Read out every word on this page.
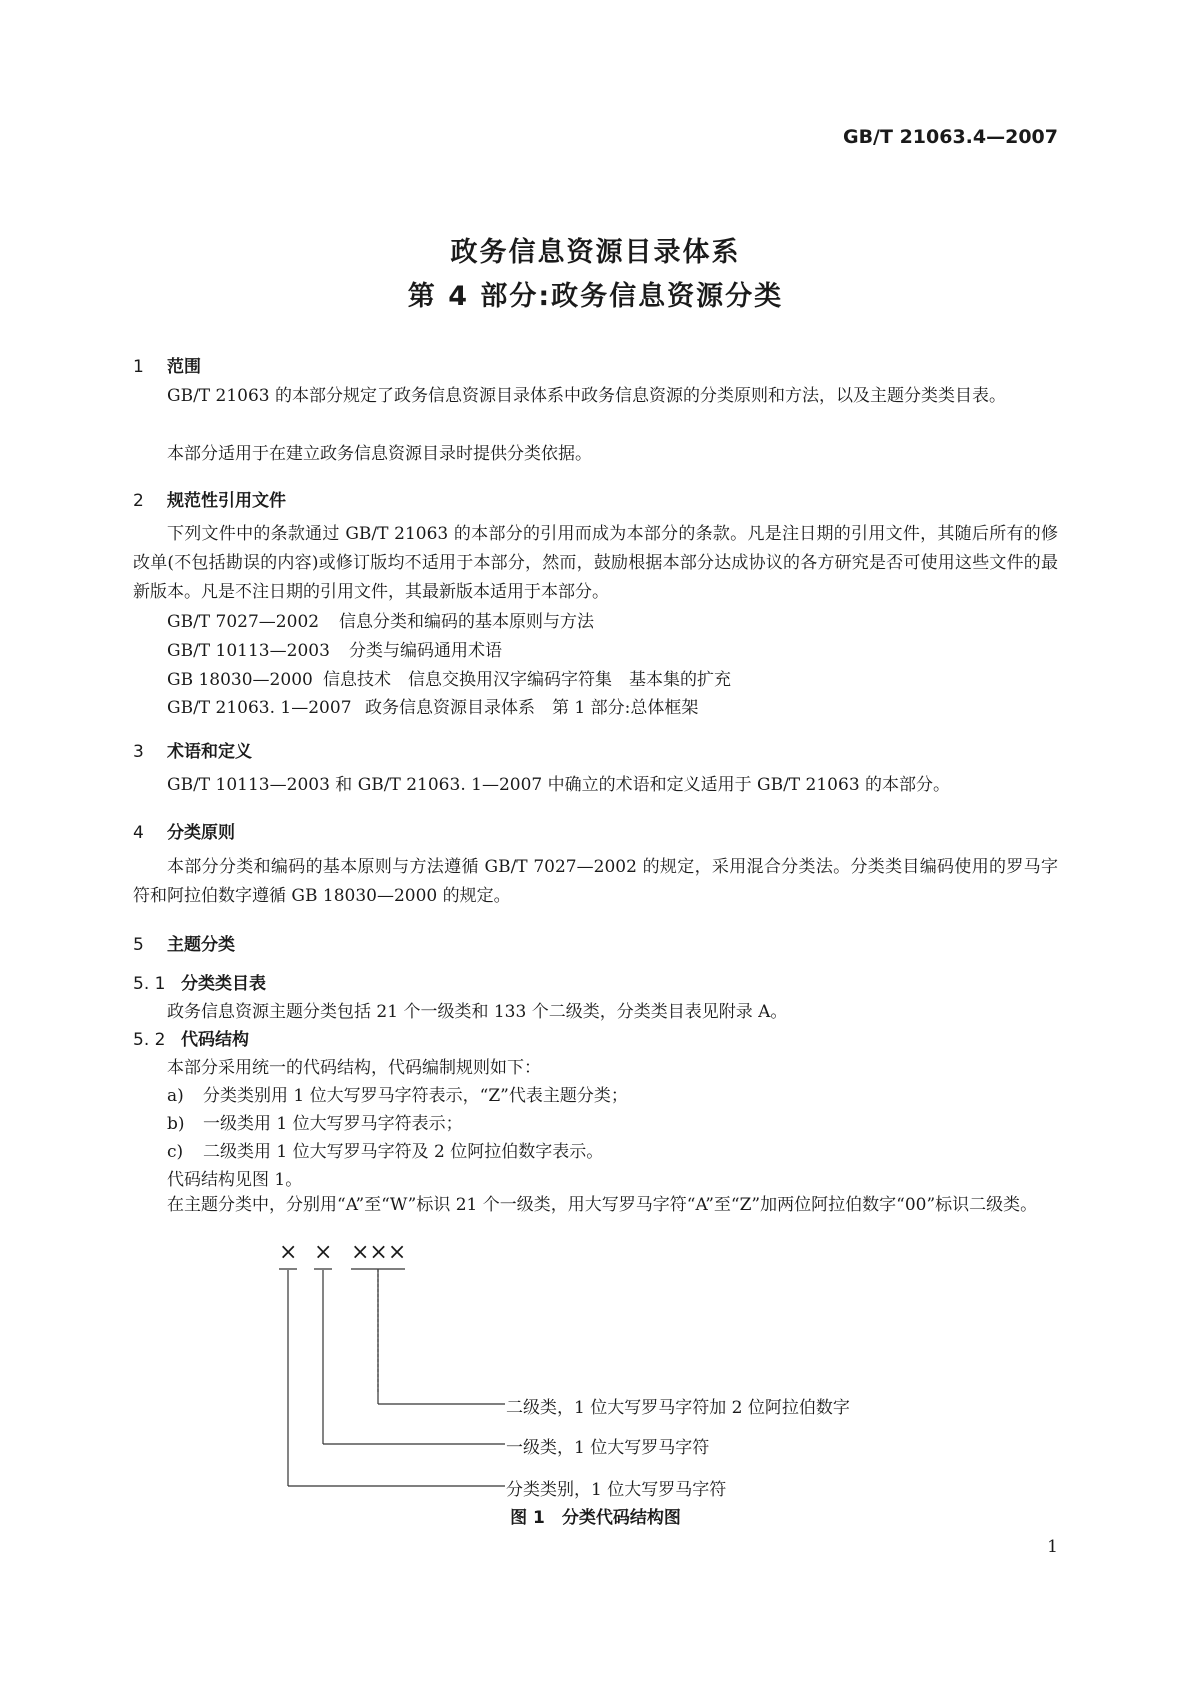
GB/T 21063.4—2007
政务信息资源目录体系
第 4 部分:政务信息资源分类
1 范围
GB/T 21063 的本部分规定了政务信息资源目录体系中政务信息资源的分类原则和方法，以及主题分类类目表。
本部分适用于在建立政务信息资源目录时提供分类依据。
2 规范性引用文件
下列文件中的条款通过 GB/T 21063 的本部分的引用而成为本部分的条款。凡是注日期的引用文件，其随后所有的修改单(不包括勘误的内容)或修订版均不适用于本部分，然而，鼓励根据本部分达成协议的各方研究是否可使用这些文件的最新版本。凡是不注日期的引用文件，其最新版本适用于本部分。
GB/T 7027—2002 信息分类和编码的基本原则与方法
GB/T 10113—2003 分类与编码通用术语
GB 18030—2000 信息技术　信息交换用汉字编码字符集　基本集的扩充
GB/T 21063. 1—2007 政务信息资源目录体系　第 1 部分:总体框架
3 术语和定义
GB/T 10113—2003 和 GB/T 21063. 1—2007 中确立的术语和定义适用于 GB/T 21063 的本部分。
4 分类原则
本部分分类和编码的基本原则与方法遵循 GB/T 7027—2002 的规定，采用混合分类法。分类类目编码使用的罗马字符和阿拉伯数字遵循 GB 18030—2000 的规定。
5 主题分类
5. 1 分类类目表
政务信息资源主题分类包括 21 个一级类和 133 个二级类，分类类目表见附录 A。
5. 2 代码结构
本部分采用统一的代码结构，代码编制规则如下：
a) 分类类别用 1 位大写罗马字符表示，“Z”代表主题分类；
b) 一级类用 1 位大写罗马字符表示；
c) 二级类用 1 位大写罗马字符及 2 位阿拉伯数字表示。
代码结构见图 1。
在主题分类中，分别用“A”至“W”标识 21 个一级类，用大写罗马字符“A”至“Z”加两位阿拉伯数字“00”标识二级类。
× × ×××
二级类，1 位大写罗马字符加 2 位阿拉伯数字
一级类，1 位大写罗马字符
分类类别，1 位大写罗马字符
图 1　分类代码结构图
1
